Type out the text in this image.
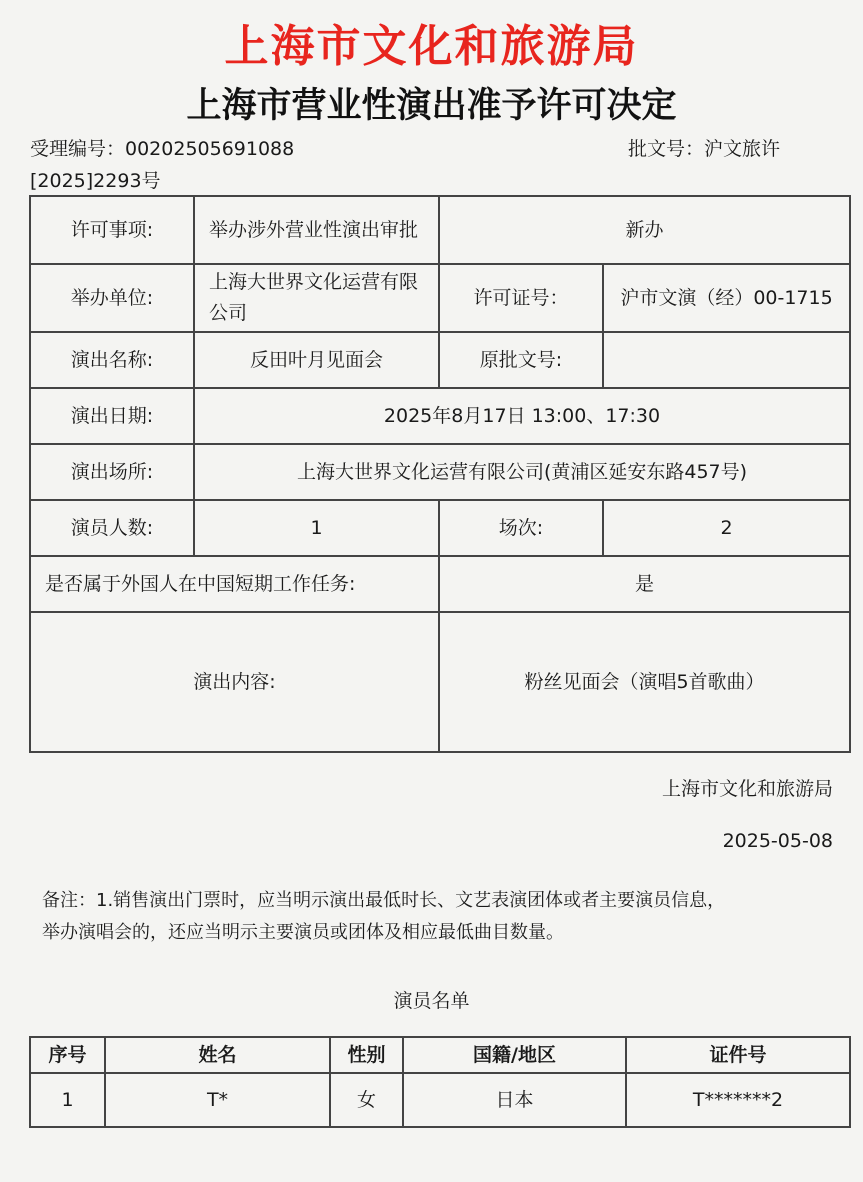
上海市文化和旅游局
上海市营业性演出准予许可决定
受理编号：00202505691088	批文号：沪文旅许
[2025]2293号
许可事项:	举办涉外营业性演出审批	新办	
举办单位:	上海大世界文化运营有限公司	许可证号：	沪市文演（经）00-1715
演出名称:	反田叶月见面会	原批文号:	
演出日期:	2025年8月17日 13:00、17:30		
演出场所:	上海大世界文化运营有限公司(黄浦区延安东路457号)		
演员人数:	1	场次:	2
是否属于外国人在中国短期工作任务:		是	
演出内容:		粉丝见面会（演唱5首歌曲）	
上海市文化和旅游局
2025-05-08
备注：1.销售演出门票时，应当明示演出最低时长、文艺表演团体或者主要演员信息，
举办演唱会的，还应当明示主要演员或团体及相应最低曲目数量。
演员名单
序号	姓名	性别	国籍/地区	证件号
1	T*	女	日本	T*******2
